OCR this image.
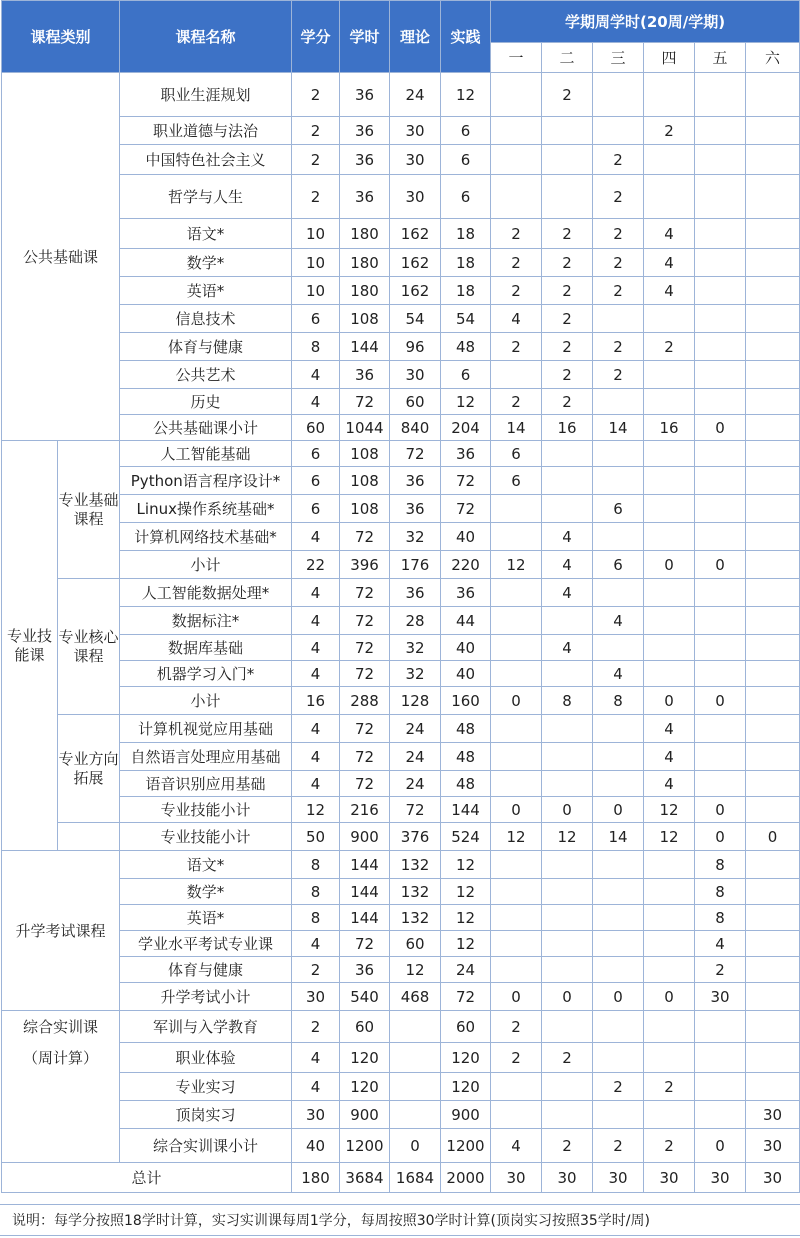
课程类别		课程名称	学分	学时	理论	实践	学期周学时(20周/学期)					
							一	二	三	四	五	六
公共基础课		职业生涯规划	2	36	24	12		2				
		职业道德与法治	2	36	30	6				2		
		中国特色社会主义	2	36	30	6			2			
		哲学与人生	2	36	30	6			2			
		语文*	10	180	162	18	2	2	2	4		
		数学*	10	180	162	18	2	2	2	4		
		英语*	10	180	162	18	2	2	2	4		
		信息技术	6	108	54	54	4	2				
		体育与健康	8	144	96	48	2	2	2	2		
		公共艺术	4	36	30	6		2	2			
		历史	4	72	60	12	2	2				
		公共基础课小计	60	1044	840	204	14	16	14	16	0	
专业技能课	专业基础课程	人工智能基础	6	108	72	36	6					
		Python语言程序设计*	6	108	36	72	6					
		Linux操作系统基础*	6	108	36	72			6			
		计算机网络技术基础*	4	72	32	40		4				
		小计	22	396	176	220	12	4	6	0	0	
	专业核心课程	人工智能数据处理*	4	72	36	36		4				
		数据标注*	4	72	28	44			4			
		数据库基础	4	72	32	40		4				
		机器学习入门*	4	72	32	40			4			
		小计	16	288	128	160	0	8	8	0	0	
	专业方向拓展	计算机视觉应用基础	4	72	24	48				4		
		自然语言处理应用基础	4	72	24	48				4		
		语音识别应用基础	4	72	24	48				4		
		专业技能小计	12	216	72	144	0	0	0	12	0	
		专业技能小计	50	900	376	524	12	12	14	12	0	0
升学考试课程		语文*	8	144	132	12					8	
		数学*	8	144	132	12					8	
		英语*	8	144	132	12					8	
		学业水平考试专业课	4	72	60	12					4	
		体育与健康	2	36	12	24					2	
		升学考试小计	30	540	468	72	0	0	0	0	30	
综合实训课		军训与入学教育	2	60		60	2					
（周计算）		职业体验	4	120		120	2	2				
		专业实习	4	120		120			2	2		
		顶岗实习	30	900		900						30
		综合实训课小计	40	1200	0	1200	4	2	2	2	0	30
总计			180	3684	1684	2000	30	30	30	30	30	30
说明：每学分按照18学时计算，实习实训课每周1学分，每周按照30学时计算(顶岗实习按照35学时/周)
